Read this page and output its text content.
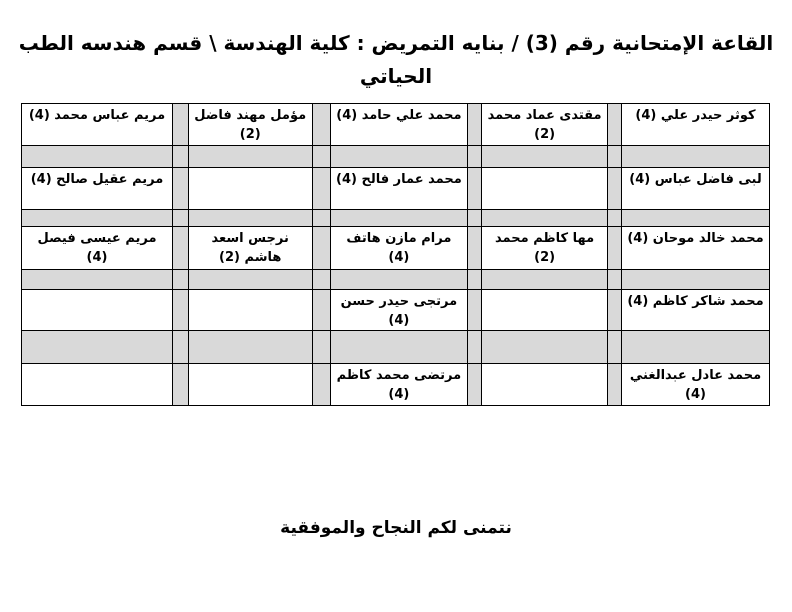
القاعة الإمتحانية رقم (3) / بنايه التمريض : كلية الهندسة \ قسم هندسه الطب
الحياتي
كوثر حيدر علي (4)		مقتدى عماد محمد (2)		محمد علي حامد (4)		مؤمل مهند فاضل (2)		مريم عباس محمد (4)

لبى فاضل عباس (4)				محمد عمار فالح (4)				مريم عقيل صالح (4)

محمد خالد موحان (4)		مها كاظم محمد (2)		مرام مازن هاتف (4)		نرجس اسعد هاشم (2)		مريم عيسى فيصل (4)

محمد شاكر كاظم (4)				مرتجى حيدر حسن (4)				

محمد عادل عبدالغني (4)				مرتضى محمد كاظم (4)				
نتمنى لكم النجاح والموفقية
